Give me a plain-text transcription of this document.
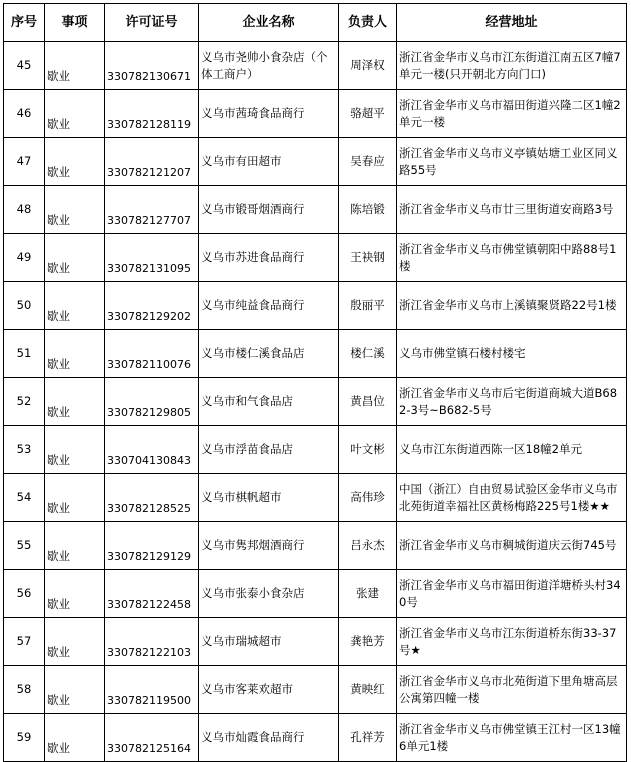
序号	事项	许可证号	企业名称	负责人	经营地址
45	歇业	330782130671	义乌市尧帅小食杂店（个体工商户）	周泽权	浙江省金华市义乌市江东街道江南五区7幢7单元一楼(只开朝北方向门口)
46	歇业	330782128119	义乌市茜琦食品商行	骆超平	浙江省金华市义乌市福田街道兴隆二区1幢2单元一楼
47	歇业	330782121207	义乌市有田超市	吴春应	浙江省金华市义乌市义亭镇姑塘工业区同义路55号
48	歇业	330782127707	义乌市锻哥烟酒商行	陈培锻	浙江省金华市义乌市廿三里街道安商路3号
49	歇业	330782131095	义乌市苏进食品商行	王袂钢	浙江省金华市义乌市佛堂镇朝阳中路88号1楼
50	歇业	330782129202	义乌市纯益食品商行	殷丽平	浙江省金华市义乌市上溪镇聚贤路22号1楼
51	歇业	330782110076	义乌市楼仁溪食品店	楼仁溪	义乌市佛堂镇石楼村楼宅
52	歇业	330782129805	义乌市和气食品店	黄昌位	浙江省金华市义乌市后宅街道商城大道B682-3号~B682-5号
53	歇业	330704130843	义乌市浮苗食品店	叶文彬	义乌市江东街道西陈一区18幢2单元
54	歇业	330782128525	义乌市棋帆超市	高伟珍	中国（浙江）自由贸易试验区金华市义乌市北苑街道幸福社区黄杨梅路225号1楼★★
55	歇业	330782129129	义乌市隽邦烟酒商行	吕永杰	浙江省金华市义乌市稠城街道庆云街745号
56	歇业	330782122458	义乌市张泰小食杂店	张建	浙江省金华市义乌市福田街道洋塘桥头村340号
57	歇业	330782122103	义乌市瑞城超市	龚艳芳	浙江省金华市义乌市江东街道桥东街33-37号★
58	歇业	330782119500	义乌市客莱欢超市	黄映红	浙江省金华市义乌市北苑街道下里角塘高层公寓第四幢一楼
59	歇业	330782125164	义乌市灿霞食品商行	孔祥芳	浙江省金华市义乌市佛堂镇王江村一区13幢6单元1楼
